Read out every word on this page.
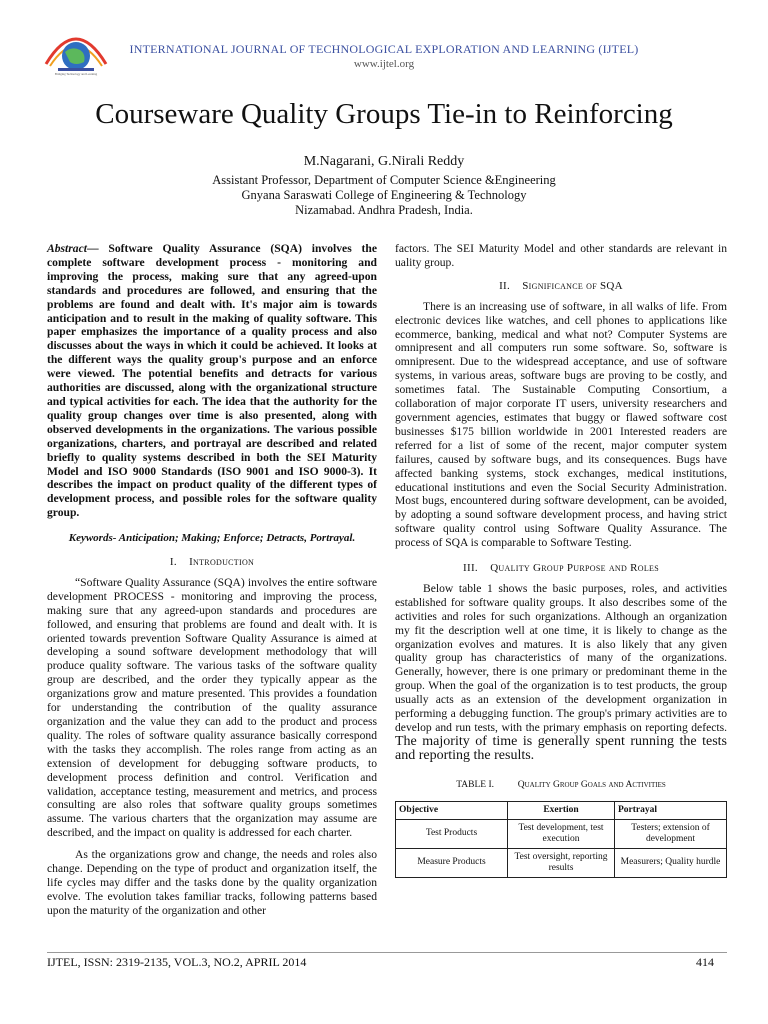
Bridging Technology and Learning
INTERNATIONAL JOURNAL OF TECHNOLOGICAL EXPLORATION AND LEARNING (IJTEL)
www.ijtel.org
Courseware Quality Groups Tie-in to Reinforcing
M.Nagarani, G.Nirali Reddy
Assistant Professor, Department of Computer Science &Engineering
Gnyana Saraswati College of Engineering & Technology
Nizamabad. Andhra Pradesh, India.

Abstract— Software Quality Assurance (SQA) involves the complete software development process - monitoring and improving the process, making sure that any agreed-upon standards and procedures are followed, and ensuring that the problems are found and dealt with. It's major aim is towards anticipation and to result in the making of quality software. This paper emphasizes the importance of a quality process and also discusses about the ways in which it could be achieved. It looks at the different ways the quality group's purpose and an enforce were viewed. The potential benefits and detracts for various authorities are discussed, along with the organizational structure and typical activities for each. The idea that the authority for the quality group changes over time is also presented, along with observed developments in the organizations. The various possible organizations, charters, and portrayal are described and related briefly to quality systems described in both the SEI Maturity Model and ISO 9000 Standards (ISO 9001 and ISO 9000-3). It describes the impact on product quality of the different types of development process, and possible roles for the software quality group.

Keywords- Anticipation; Making; Enforce; Detracts, Portrayal.
I. Introduction

“Software Quality Assurance (SQA) involves the entire software development PROCESS - monitoring and improving the process, making sure that any agreed-upon standards and procedures are followed, and ensuring that problems are found and dealt with. It is oriented towards prevention Software Quality Assurance is aimed at developing a sound software development methodology that will produce quality software. The various tasks of the software quality group are described, and the order they typically appear as the organizations grow and mature presented. This provides a foundation for understanding the contribution of the quality assurance organization and the value they can add to the product and process quality. The roles of software quality assurance basically correspond with the tasks they accomplish. The roles range from acting as an extension of development for debugging software products, to development process definition and control. Verification and validation, acceptance testing, measurement and metrics, and process consulting are also roles that software quality groups sometimes assume. The various charters that the organization may assume are described, and the impact on quality is addressed for each charter.

As the organizations grow and change, the needs and roles also change. Depending on the type of product and organization itself, the life cycles may differ and the tasks done by the quality organization evolve. The evolution takes familiar tracks, following patterns based upon the maturity of the organization and other

factors. The SEI Maturity Model and other standards are relevant in uality group.

II. Significance of SQA

There is an increasing use of software, in all walks of life. From electronic devices like watches, and cell phones to applications like ecommerce, banking, medical and what not? Computer Systems are omnipresent and all computers run some software. So, software is omnipresent. Due to the widespread acceptance, and use of software systems, in various areas, software bugs are proving to be costly, and sometimes fatal. The Sustainable Computing Consortium, a collaboration of major corporate IT users, university researchers and government agencies, estimates that buggy or flawed software cost businesses $175 billion worldwide in 2001 Interested readers are referred for a list of some of the recent, major computer system failures, caused by software bugs, and its consequences. Bugs have affected banking systems, stock exchanges, medical institutions, educational institutions and even the Social Security Administration. Most bugs, encountered during software development, can be avoided, by adopting a sound software development process, and having strict software quality control using Software Quality Assurance. The process of SQA is comparable to Software Testing.

III. Quality Group Purpose and Roles

Below table 1 shows the basic purposes, roles, and activities established for software quality groups. It also describes some of the activities and roles for such organizations. Although an organization my fit the description well at one time, it is likely to change as the organization evolves and matures. It is also likely that any given quality group has characteristics of many of the organizations. Generally, however, there is one primary or predominant theme in the group. When the goal of the organization is to test products, the group usually acts as an extension of the development organization in performing a debugging function. The group's primary activities are to develop and run tests, with the primary emphasis on reporting defects. The majority of time is generally spent running the tests and reporting the results.

TABLE I.	Quality Group Goals and Activities
Objective	Exertion	Portrayal
Test Products	Test development, test execution	Testers; extension of development
Measure Products	Test oversight, reporting results	Measurers; Quality hurdle
IJTEL, ISSN: 2319-2135, VOL.3, NO.2, APRIL 2014	414
